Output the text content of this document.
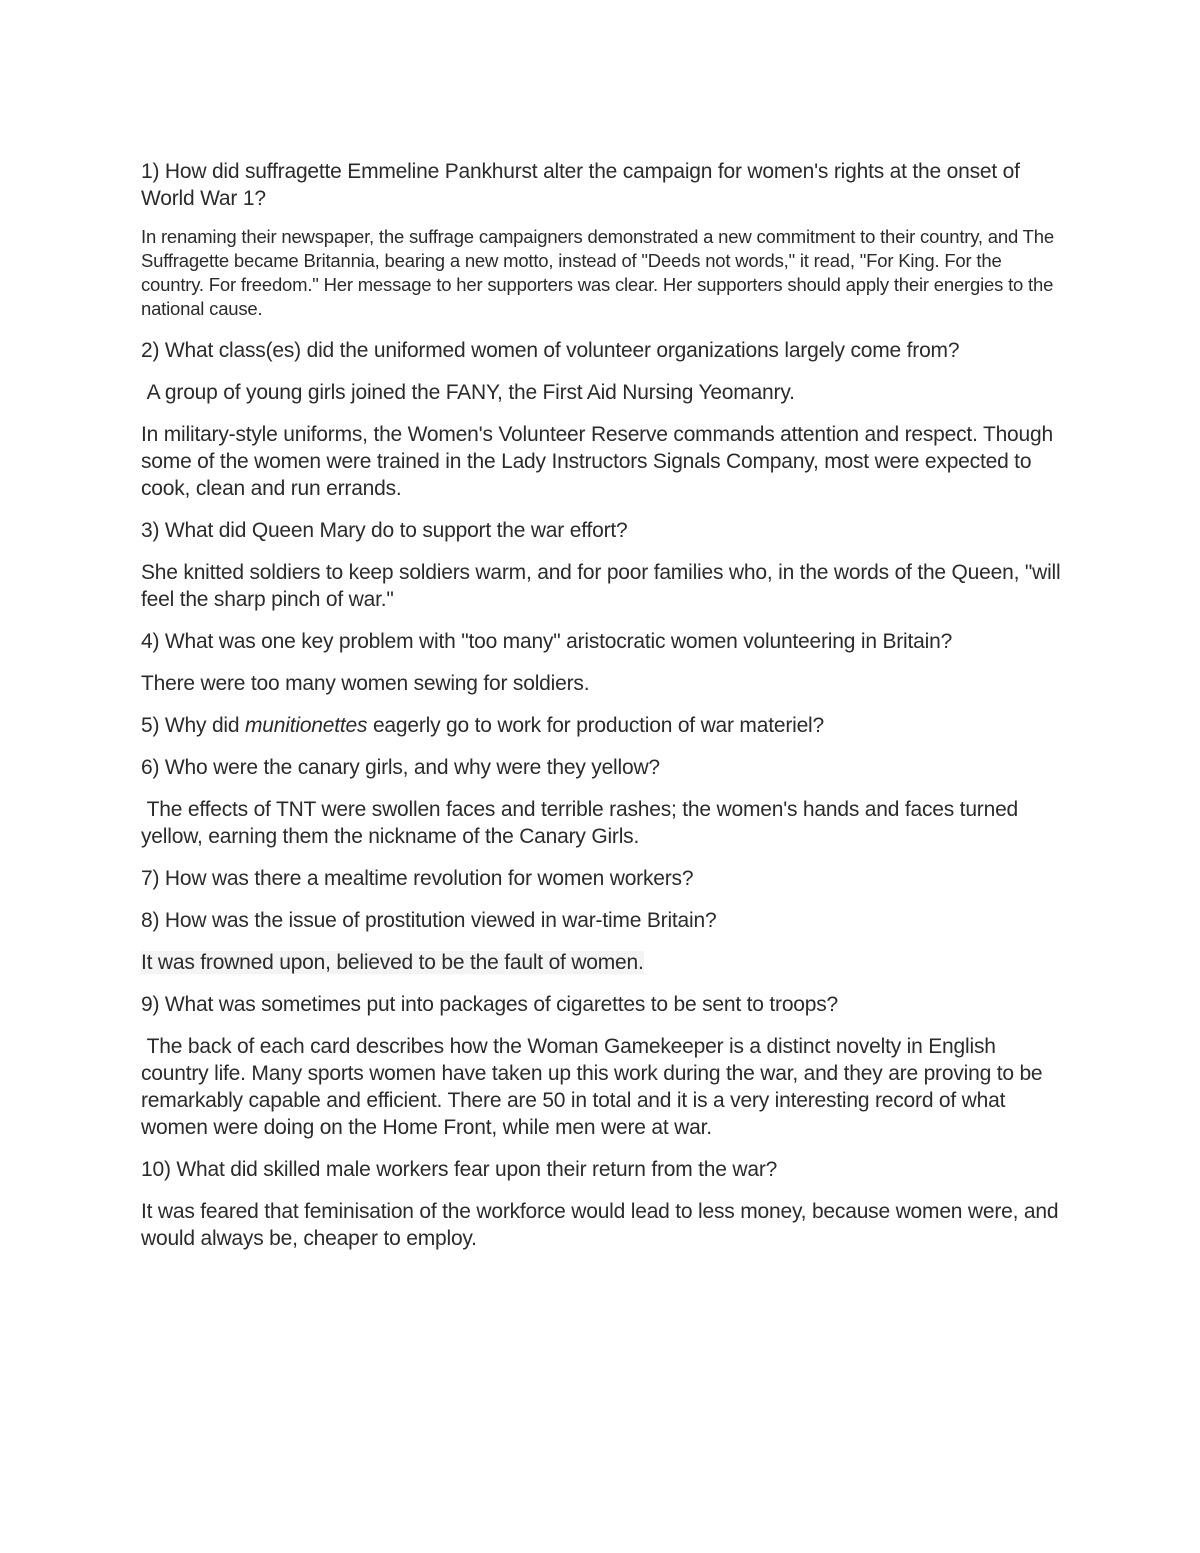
1) How did suffragette Emmeline Pankhurst alter the campaign for women's rights at the onset of World War 1?

In renaming their newspaper, the suffrage campaigners demonstrated a new commitment to their country, and The Suffragette became Britannia, bearing a new motto, instead of "Deeds not words," it read, "For King. For the country. For freedom." Her message to her supporters was clear. Her supporters should apply their energies to the national cause.

2) What class(es) did the uniformed women of volunteer organizations largely come from?

A group of young girls joined the FANY, the First Aid Nursing Yeomanry.

In military-style uniforms, the Women's Volunteer Reserve commands attention and respect. Though some of the women were trained in the Lady Instructors Signals Company, most were expected to cook, clean and run errands.

3) What did Queen Mary do to support the war effort?

She knitted soldiers to keep soldiers warm, and for poor families who, in the words of the Queen, "will feel the sharp pinch of war."

4) What was one key problem with "too many" aristocratic women volunteering in Britain?

There were too many women sewing for soldiers.

5) Why did munitionettes eagerly go to work for production of war materiel?

6) Who were the canary girls, and why were they yellow?

The effects of TNT were swollen faces and terrible rashes; the women's hands and faces turned yellow, earning them the nickname of the Canary Girls.

7) How was there a mealtime revolution for women workers?

8) How was the issue of prostitution viewed in war-time Britain?

It was frowned upon, believed to be the fault of women.

9) What was sometimes put into packages of cigarettes to be sent to troops?

The back of each card describes how the Woman Gamekeeper is a distinct novelty in English country life. Many sports women have taken up this work during the war, and they are proving to be remarkably capable and efficient. There are 50 in total and it is a very interesting record of what women were doing on the Home Front, while men were at war.

10) What did skilled male workers fear upon their return from the war?

It was feared that feminisation of the workforce would lead to less money, because women were, and would always be, cheaper to employ.
